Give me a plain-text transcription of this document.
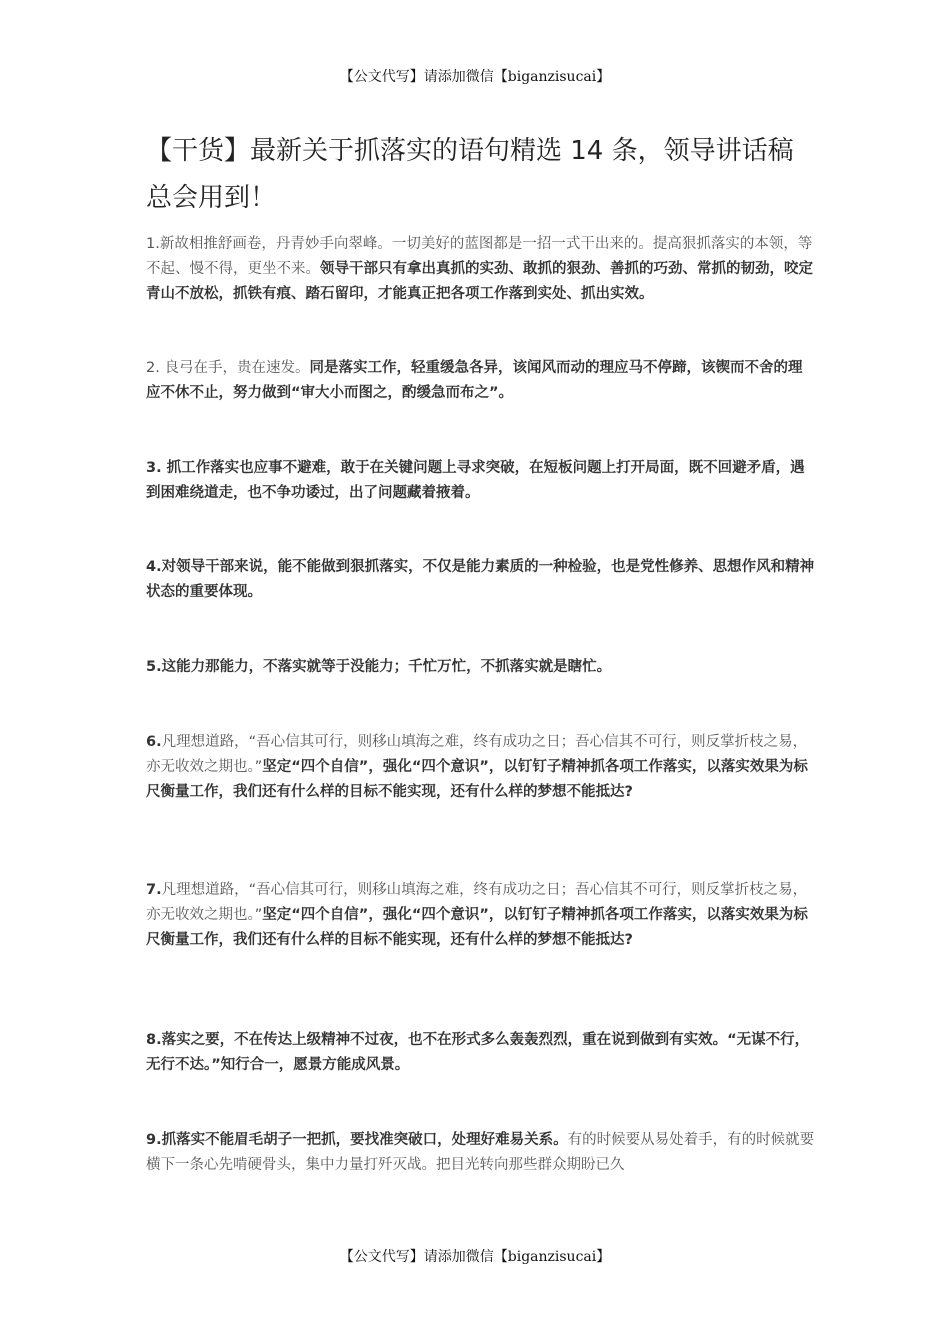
【公文代写】请添加微信【biganzisucai】
【干货】最新关于抓落实的语句精选 14 条，领导讲话稿总会用到！

1.新故相推舒画卷，丹青妙手向翠峰。一切美好的蓝图都是一招一式干出来的。提高狠抓落实的本领，等不起、慢不得，更坐不来。领导干部只有拿出真抓的实劲、敢抓的狠劲、善抓的巧劲、常抓的韧劲，咬定青山不放松，抓铁有痕、踏石留印，才能真正把各项工作落到实处、抓出实效。

2. 良弓在手，贵在速发。同是落实工作，轻重缓急各异，该闻风而动的理应马不停蹄，该锲而不舍的理应不休不止，努力做到“审大小而图之，酌缓急而布之”。

3. 抓工作落实也应事不避难，敢于在关键问题上寻求突破，在短板问题上打开局面，既不回避矛盾，遇到困难绕道走，也不争功诿过，出了问题藏着掖着。

4.对领导干部来说，能不能做到狠抓落实，不仅是能力素质的一种检验，也是党性修养、思想作风和精神状态的重要体现。

5.这能力那能力，不落实就等于没能力；千忙万忙，不抓落实就是瞎忙。

6.凡理想道路，“吾心信其可行，则移山填海之难，终有成功之日；吾心信其不可行，则反掌折枝之易，亦无收效之期也。”坚定“四个自信”，强化“四个意识”，以钉钉子精神抓各项工作落实，以落实效果为标尺衡量工作，我们还有什么样的目标不能实现，还有什么样的梦想不能抵达?

7.凡理想道路，“吾心信其可行，则移山填海之难，终有成功之日；吾心信其不可行，则反掌折枝之易，亦无收效之期也。”坚定“四个自信”，强化“四个意识”，以钉钉子精神抓各项工作落实，以落实效果为标尺衡量工作，我们还有什么样的目标不能实现，还有什么样的梦想不能抵达?

8.落实之要，不在传达上级精神不过夜，也不在形式多么轰轰烈烈，重在说到做到有实效。“无谋不行，无行不达。”知行合一，愿景方能成风景。

9.抓落实不能眉毛胡子一把抓，要找准突破口，处理好难易关系。有的时候要从易处着手，有的时候就要横下一条心先啃硬骨头，集中力量打歼灭战。把目光转向那些群众期盼已久

【公文代写】请添加微信【biganzisucai】
